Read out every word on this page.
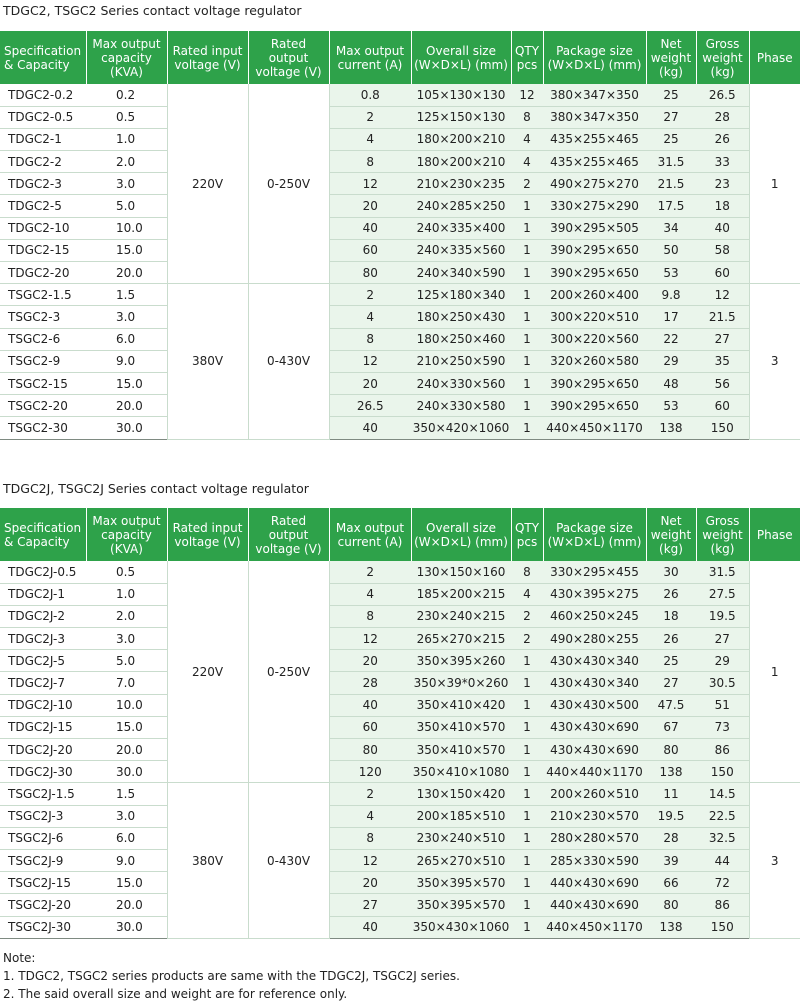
TDGC2, TSGC2 Series contact voltage regulator
Specification & Capacity	Max output capacity (KVA)	Rated input voltage (V)	Rated output voltage (V)	Max output current (A)	Overall size (W×D×L) (mm)	QTY pcs	Package size (W×D×L) (mm)	Net weight (kg)	Gross weight (kg)	Phase
TDGC2-0.2	0.2	220V	0-250V	0.8	105×130×130	12	380×347×350	25	26.5	1
TDGC2-0.5	0.5			2	125×150×130	8	380×347×350	27	28	
TDGC2-1	1.0			4	180×200×210	4	435×255×465	25	26	
TDGC2-2	2.0			8	180×200×210	4	435×255×465	31.5	33	
TDGC2-3	3.0			12	210×230×235	2	490×275×270	21.5	23	
TDGC2-5	5.0			20	240×285×250	1	330×275×290	17.5	18	
TDGC2-10	10.0			40	240×335×400	1	390×295×505	34	40	
TDGC2-15	15.0			60	240×335×560	1	390×295×650	50	58	
TDGC2-20	20.0			80	240×340×590	1	390×295×650	53	60	
TSGC2-1.5	1.5	380V	0-430V	2	125×180×340	1	200×260×400	9.8	12	3
TSGC2-3	3.0			4	180×250×430	1	300×220×510	17	21.5	
TSGC2-6	6.0			8	180×250×460	1	300×220×560	22	27	
TSGC2-9	9.0			12	210×250×590	1	320×260×580	29	35	
TSGC2-15	15.0			20	240×330×560	1	390×295×650	48	56	
TSGC2-20	20.0			26.5	240×330×580	1	390×295×650	53	60	
TSGC2-30	30.0			40	350×420×1060	1	440×450×1170	138	150	
TDGC2J, TSGC2J Series contact voltage regulator
Specification & Capacity	Max output capacity (KVA)	Rated input voltage (V)	Rated output voltage (V)	Max output current (A)	Overall size (W×D×L) (mm)	QTY pcs	Package size (W×D×L) (mm)	Net weight (kg)	Gross weight (kg)	Phase
TDGC2J-0.5	0.5	220V	0-250V	2	130×150×160	8	330×295×455	30	31.5	1
TDGC2J-1	1.0			4	185×200×215	4	430×395×275	26	27.5	
TDGC2J-2	2.0			8	230×240×215	2	460×250×245	18	19.5	
TDGC2J-3	3.0			12	265×270×215	2	490×280×255	26	27	
TDGC2J-5	5.0			20	350×395×260	1	430×430×340	25	29	
TDGC2J-7	7.0			28	350×39*0×260	1	430×430×340	27	30.5	
TDGC2J-10	10.0			40	350×410×420	1	430×430×500	47.5	51	
TDGC2J-15	15.0			60	350×410×570	1	430×430×690	67	73	
TDGC2J-20	20.0			80	350×410×570	1	430×430×690	80	86	
TDGC2J-30	30.0			120	350×410×1080	1	440×440×1170	138	150	
TSGC2J-1.5	1.5	380V	0-430V	2	130×150×420	1	200×260×510	11	14.5	3
TSGC2J-3	3.0			4	200×185×510	1	210×230×570	19.5	22.5	
TSGC2J-6	6.0			8	230×240×510	1	280×280×570	28	32.5	
TSGC2J-9	9.0			12	265×270×510	1	285×330×590	39	44	
TSGC2J-15	15.0			20	350×395×570	1	440×430×690	66	72	
TSGC2J-20	20.0			27	350×395×570	1	440×430×690	80	86	
TSGC2J-30	30.0			40	350×430×1060	1	440×450×1170	138	150	
Note:
1. TDGC2, TSGC2 series products are same with the TDGC2J, TSGC2J series.
2. The said overall size and weight are for reference only.
